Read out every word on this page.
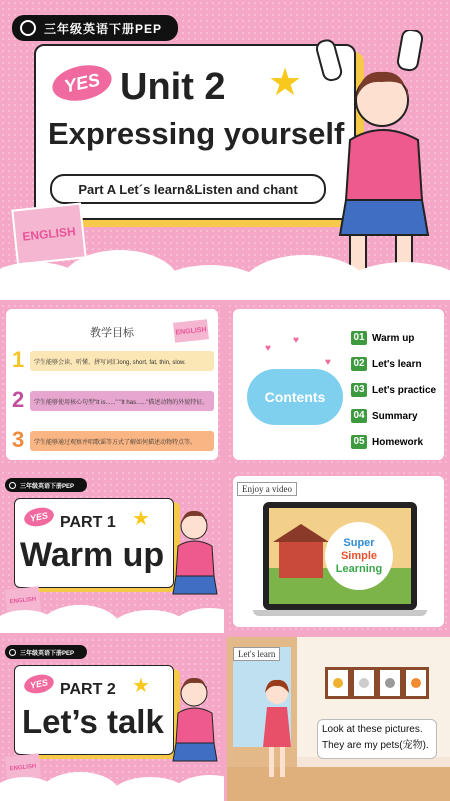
三年级英语下册PEP
YES Unit 2 ★
Expressing yourself
Part A Let´s learn&Listen and chant
ENGLISH
教学目标	ENGLISH
1	学生能够会读、听懂、拼写词汇long, short, fat, thin, slow.
2	学生能够使用核心句型"It is......" "It has......"描述动物的外貌特征。
3	学生能够通过观察并唱歌谣等方式了解如何描述动物特点等。
Contents
♥
♥
♥
01 Warm up
02 Let's learn
03 Let's practice
04 Summary
05 Homework
三年级英语下册PEP
YES PART 1 ★
Warm up
ENGLISH
Enjoy a video
Super
Simple
Learning
三年级英语下册PEP
YES PART 2 ★
Let’s talk
ENGLISH
Let's learn
Look at these pictures.
They are my pets(宠物).
